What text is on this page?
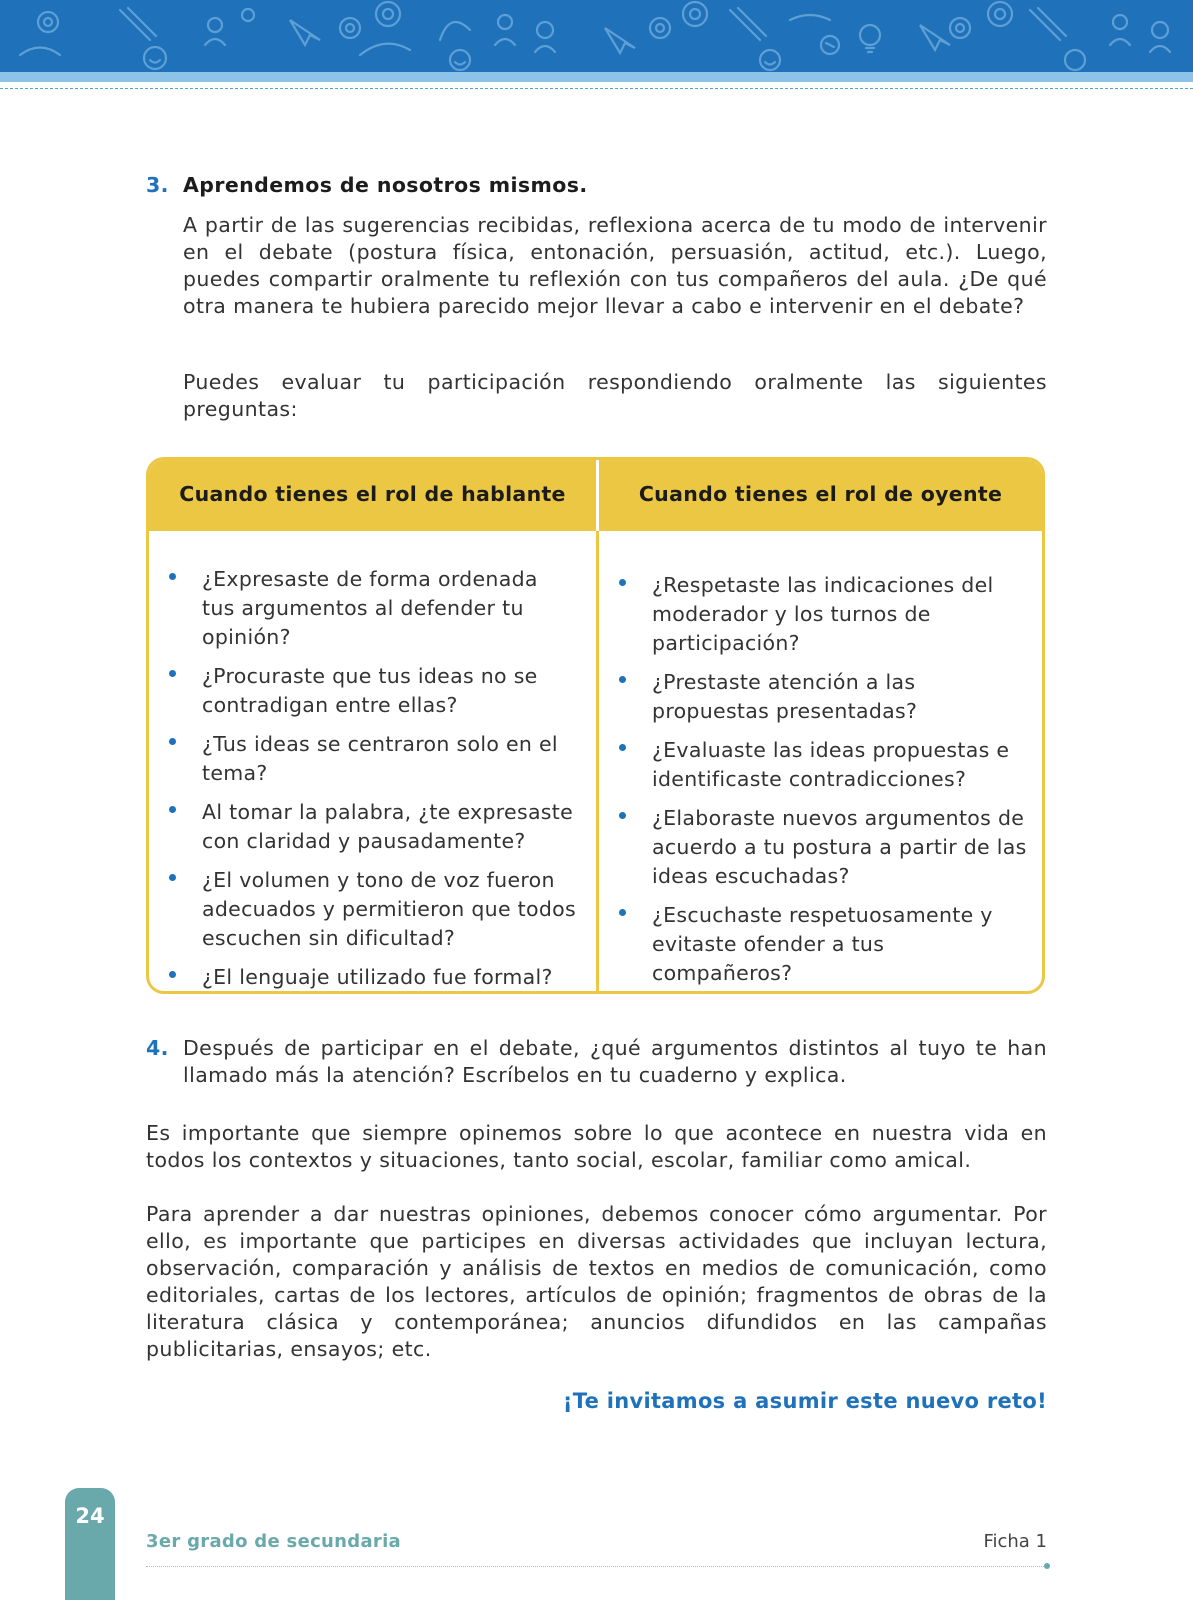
3. Aprendemos de nosotros mismos.

A partir de las sugerencias recibidas, reflexiona acerca de tu modo de intervenir en el debate (postura física, entonación, persuasión, actitud, etc.). Luego, puedes compartir oralmente tu reflexión con tus compañeros del aula. ¿De qué otra manera te hubiera parecido mejor llevar a cabo e intervenir en el debate?

Puedes evaluar tu participación respondiendo oralmente las siguientes preguntas:

Cuando tienes el rol de hablante	Cuando tienes el rol de oyente
¿Expresaste de forma ordenada tus argumentos al defender tu opinión?
¿Procuraste que tus ideas no se contradigan entre ellas?
¿Tus ideas se centraron solo en el tema?
Al tomar la palabra, ¿te expresaste con claridad y pausadamente?
¿El volumen y tono de voz fueron adecuados y permitieron que todos escuchen sin dificultad?
¿El lenguaje utilizado fue formal?
¿Respetaste las indicaciones del moderador y los turnos de participación?
¿Prestaste atención a las propuestas presentadas?
¿Evaluaste las ideas propuestas e identificaste contradicciones?
¿Elaboraste nuevos argumentos de acuerdo a tu postura a partir de las ideas escuchadas?
¿Escuchaste respetuosamente y evitaste ofender a tus compañeros?
4. Después de participar en el debate, ¿qué argumentos distintos al tuyo te han llamado más la atención? Escríbelos en tu cuaderno y explica.

Es importante que siempre opinemos sobre lo que acontece en nuestra vida en todos los contextos y situaciones, tanto social, escolar, familiar como amical.

Para aprender a dar nuestras opiniones, debemos conocer cómo argumentar. Por ello, es importante que participes en diversas actividades que incluyan lectura, observación, comparación y análisis de textos en medios de comunicación, como editoriales, cartas de los lectores, artículos de opinión; fragmentos de obras de la literatura clásica y contemporánea; anuncios difundidos en las campañas publicitarias, ensayos; etc.

¡Te invitamos a asumir este nuevo reto!
24
3er grado de secundaria	Ficha 1
